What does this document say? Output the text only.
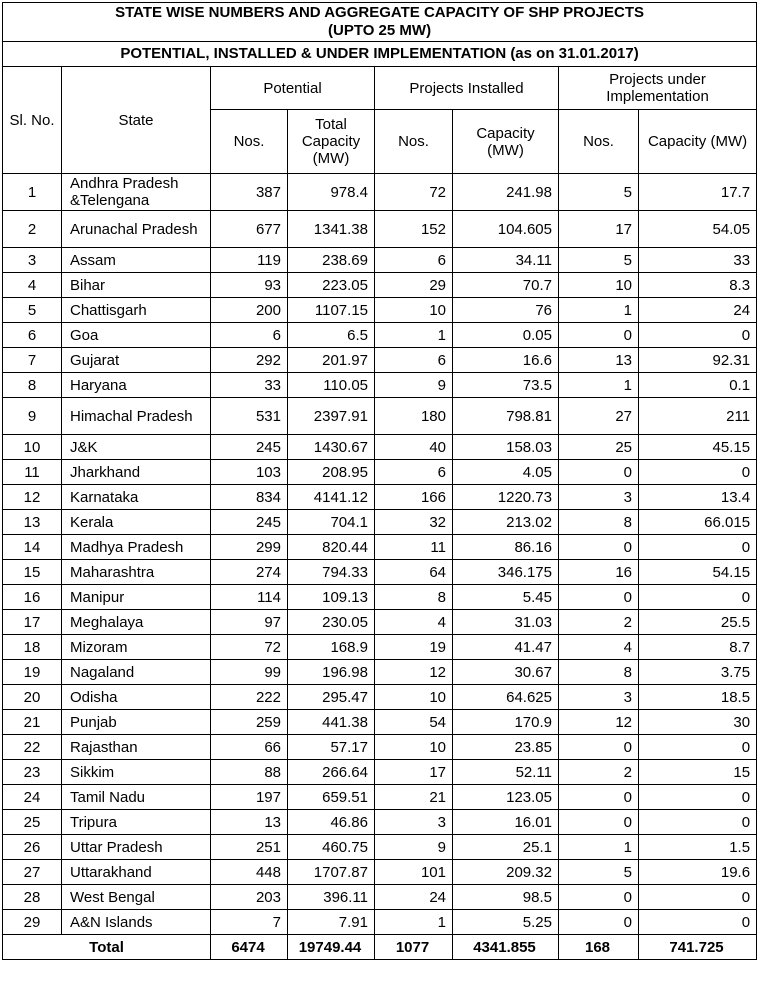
STATE WISE NUMBERS AND AGGREGATE CAPACITY OF SHP PROJECTS
(UPTO 25 MW)							

POTENTIAL, INSTALLED & UNDER IMPLEMENTATION (as on 31.01.2017)							
Sl. No.	State	Potential		Projects Installed		Projects under Implementation	
		Nos.	Total Capacity (MW)	Nos.	Capacity (MW)	Nos.	Capacity (MW)
1	Andhra Pradesh &Telengana	387	978.4	72	241.98	5	17.7
2	Arunachal Pradesh	677	1341.38	152	104.605	17	54.05
3	Assam	119	238.69	6	34.11	5	33
4	Bihar	93	223.05	29	70.7	10	8.3
5	Chattisgarh	200	1107.15	10	76	1	24
6	Goa	6	6.5	1	0.05	0	0
7	Gujarat	292	201.97	6	16.6	13	92.31
8	Haryana	33	110.05	9	73.5	1	0.1
9	Himachal Pradesh	531	2397.91	180	798.81	27	211
10	J&K	245	1430.67	40	158.03	25	45.15
11	Jharkhand	103	208.95	6	4.05	0	0
12	Karnataka	834	4141.12	166	1220.73	3	13.4
13	Kerala	245	704.1	32	213.02	8	66.015
14	Madhya Pradesh	299	820.44	11	86.16	0	0
15	Maharashtra	274	794.33	64	346.175	16	54.15
16	Manipur	114	109.13	8	5.45	0	0
17	Meghalaya	97	230.05	4	31.03	2	25.5
18	Mizoram	72	168.9	19	41.47	4	8.7
19	Nagaland	99	196.98	12	30.67	8	3.75
20	Odisha	222	295.47	10	64.625	3	18.5
21	Punjab	259	441.38	54	170.9	12	30
22	Rajasthan	66	57.17	10	23.85	0	0
23	Sikkim	88	266.64	17	52.11	2	15
24	Tamil Nadu	197	659.51	21	123.05	0	0
25	Tripura	13	46.86	3	16.01	0	0
26	Uttar Pradesh	251	460.75	9	25.1	1	1.5
27	Uttarakhand	448	1707.87	101	209.32	5	19.6
28	West Bengal	203	396.11	24	98.5	0	0
29	A&N Islands	7	7.91	1	5.25	0	0
Total		6474	19749.44	1077	4341.855	168	741.725
